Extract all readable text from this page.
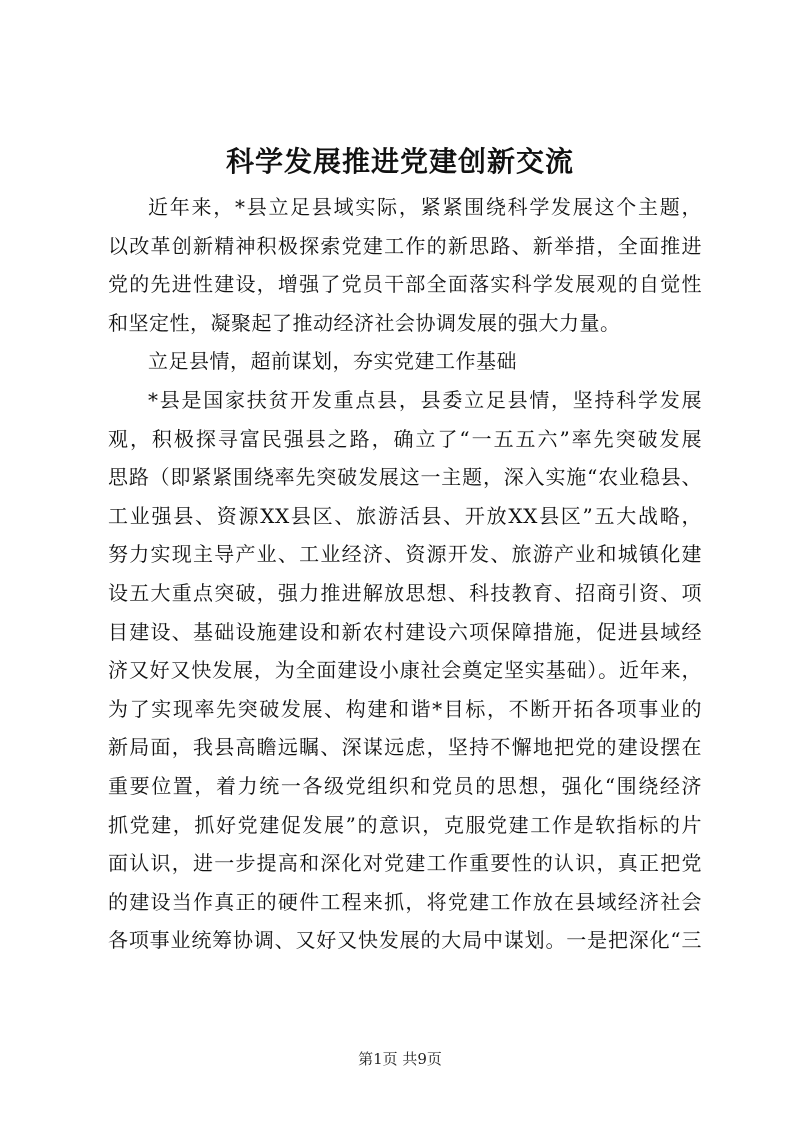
科学发展推进党建创新交流
近年来，*县立足县域实际，紧紧围绕科学发展这个主题，
以改革创新精神积极探索党建工作的新思路、新举措，全面推进
党的先进性建设，增强了党员干部全面落实科学发展观的自觉性
和坚定性，凝聚起了推动经济社会协调发展的强大力量。
立足县情，超前谋划，夯实党建工作基础
*县是国家扶贫开发重点县，县委立足县情，坚持科学发展
观，积极探寻富民强县之路，确立了“一五五六”率先突破发展
思路（即紧紧围绕率先突破发展这一主题，深入实施“农业稳县、
工业强县、资源XX县区、旅游活县、开放XX县区”五大战略，
努力实现主导产业、工业经济、资源开发、旅游产业和城镇化建
设五大重点突破，强力推进解放思想、科技教育、招商引资、项
目建设、基础设施建设和新农村建设六项保障措施，促进县域经
济又好又快发展，为全面建设小康社会奠定坚实基础）。近年来，
为了实现率先突破发展、构建和谐*目标，不断开拓各项事业的
新局面，我县高瞻远瞩、深谋远虑，坚持不懈地把党的建设摆在
重要位置，着力统一各级党组织和党员的思想，强化“围绕经济
抓党建，抓好党建促发展”的意识，克服党建工作是软指标的片
面认识，进一步提高和深化对党建工作重要性的认识，真正把党
的建设当作真正的硬件工程来抓，将党建工作放在县域经济社会
各项事业统筹协调、又好又快发展的大局中谋划。一是把深化“三
第1页 共9页
